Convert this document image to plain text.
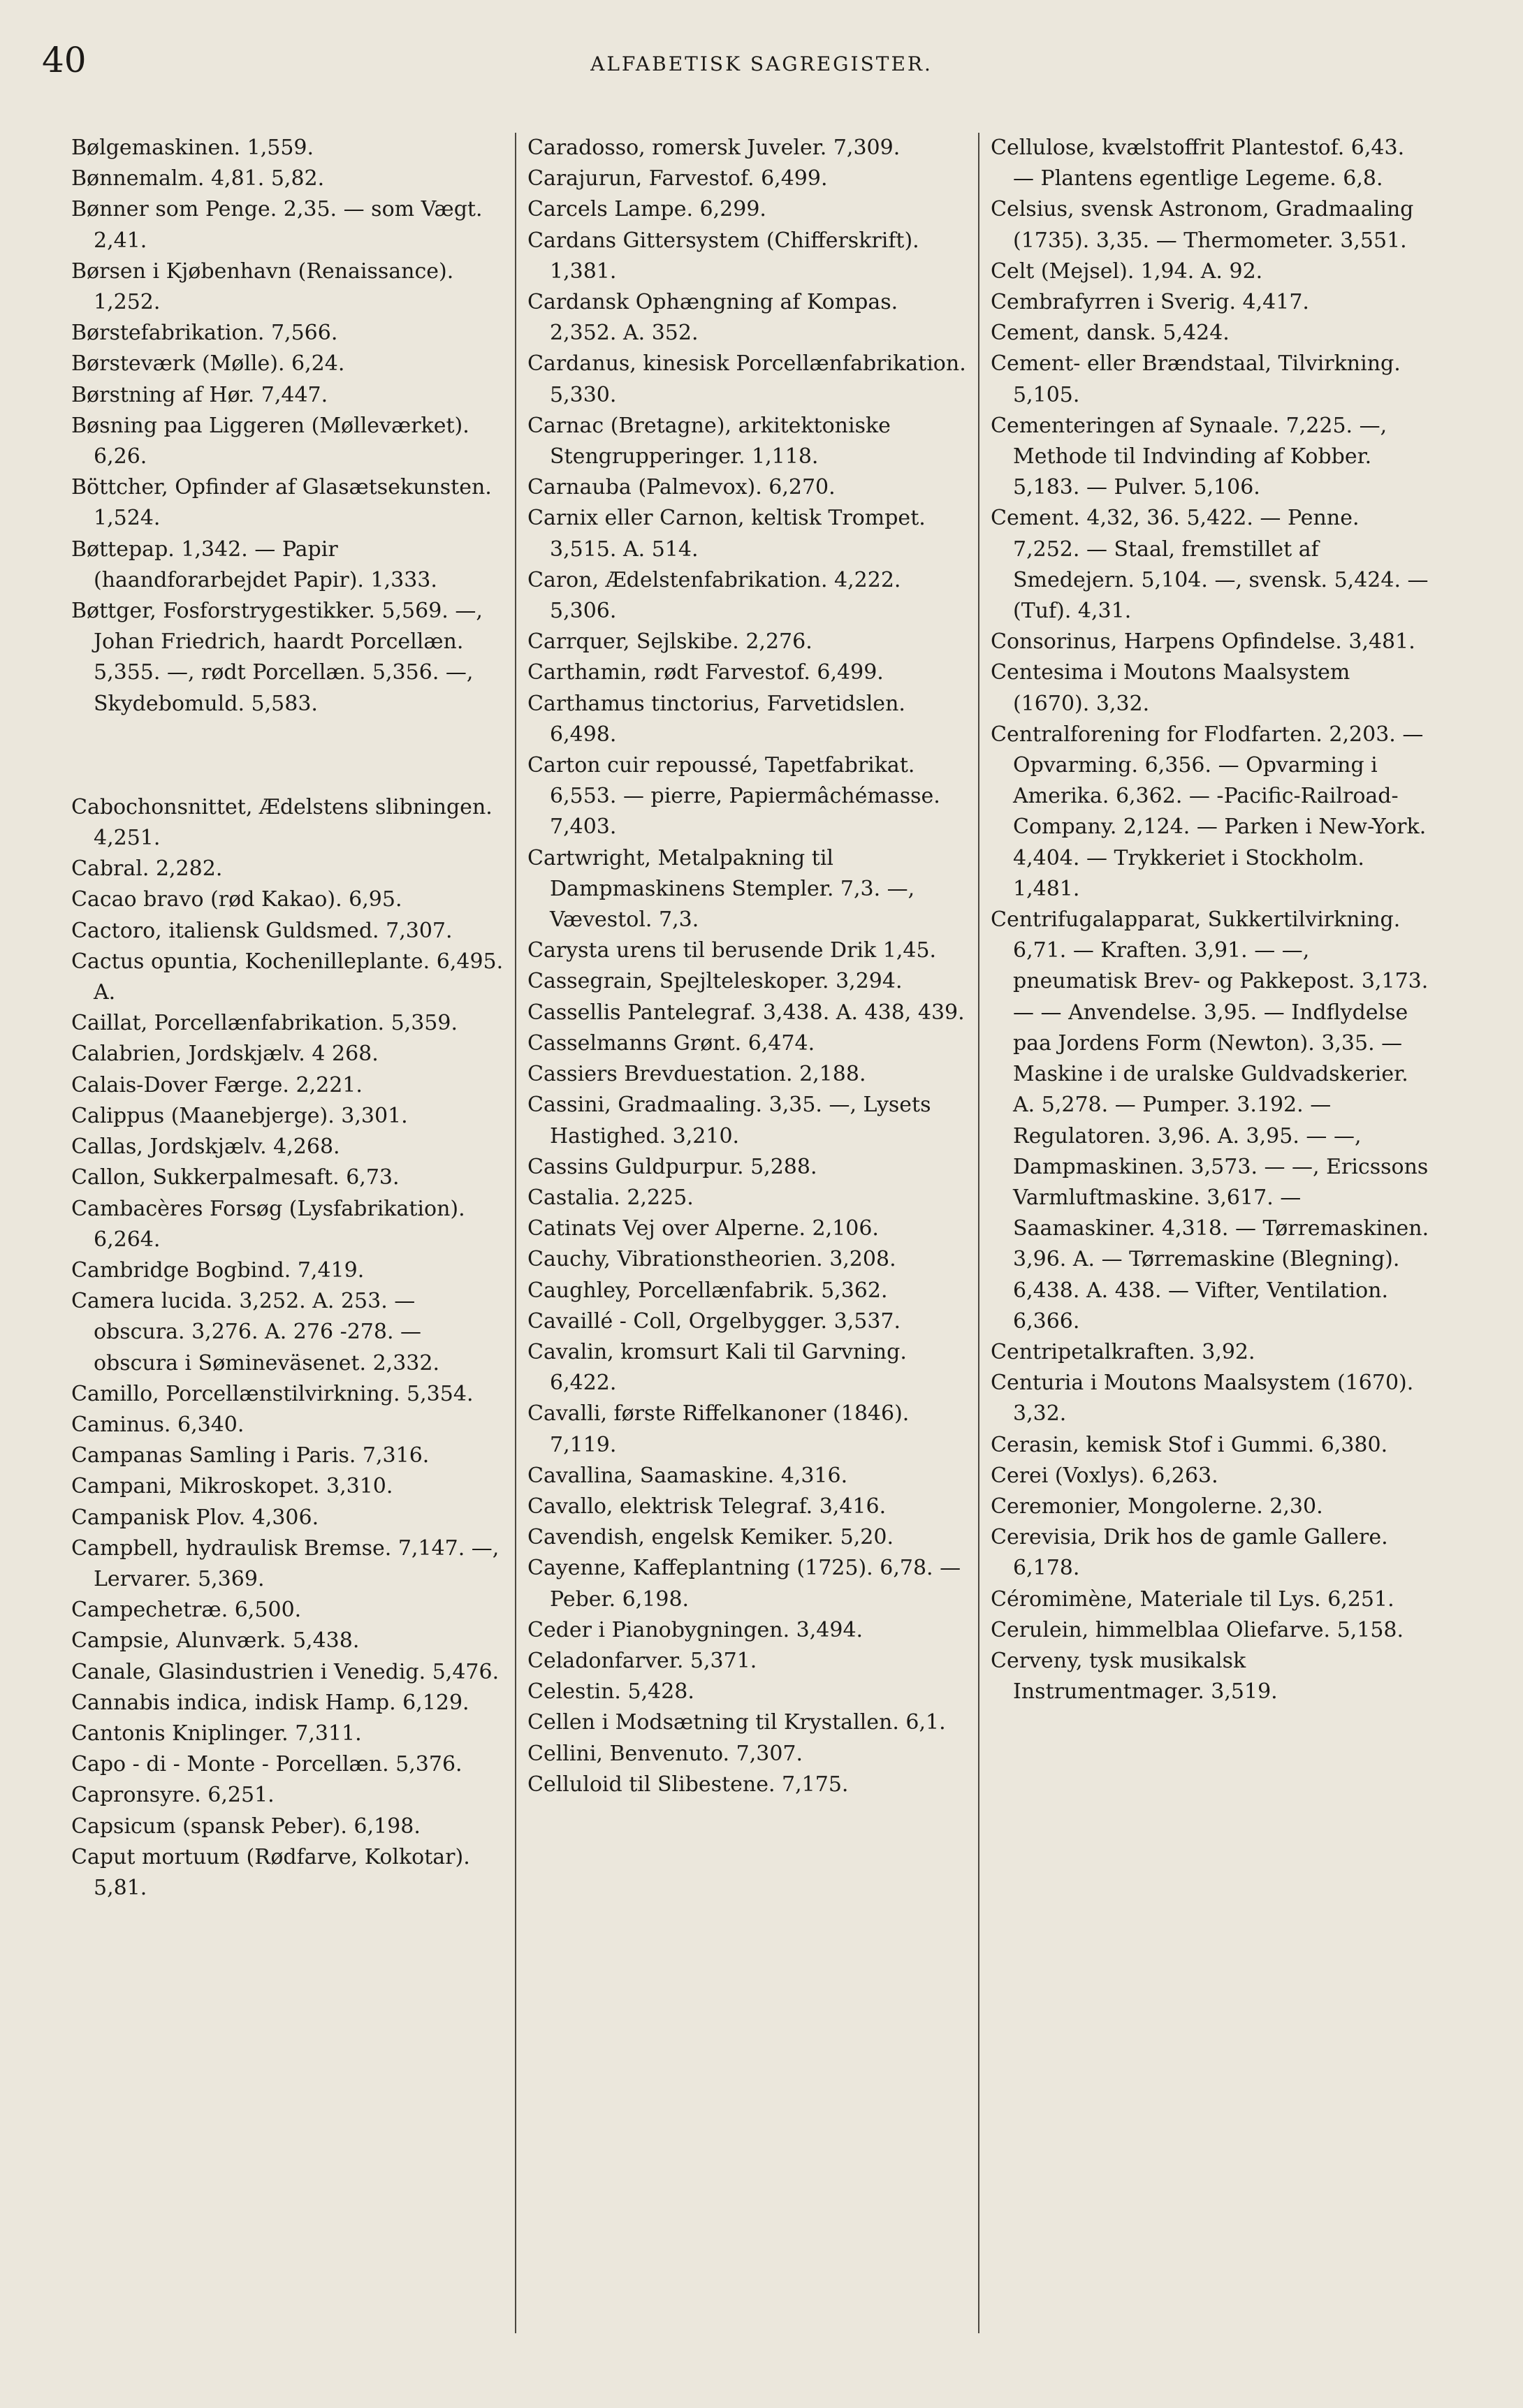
40	ALFABETISK SAGREGISTER.

Bølgemaskinen. 1,559.

Bønnemalm. 4,81. 5,82.

Bønner som Penge. 2,35. — som Vægt. 2,41.

Børsen i Kjøbenhavn (Renaissance). 1,252.

Børstefabrikation. 7,566.

Børsteværk (Mølle). 6,24.

Børstning af Hør. 7,447.

Bøsning paa Liggeren (Mølleværket). 6,26.

Böttcher, Opfinder af Glasætsekunsten. 1,524.

Bøttepap. 1,342. — Papir (haandforarbejdet Papir). 1,333.

Bøttger, Fosforstrygestikker. 5,569. —, Johan Friedrich, haardt Porcellæn. 5,355. —, rødt Porcellæn. 5,356. —, Skydebomuld. 5,583.

Cabochonsnittet, Ædelstens slibningen. 4,251.

Cabral. 2,282.

Cacao bravo (rød Kakao). 6,95.

Cactoro, italiensk Guldsmed. 7,307.

Cactus opuntia, Kochenilleplante. 6,495. A.

Caillat, Porcellænfabrikation. 5,359.

Calabrien, Jordskjælv. 4 268.

Calais-Dover Færge. 2,221.

Calippus (Maanebjerge). 3,301.

Callas, Jordskjælv. 4,268.

Callon, Sukkerpalmesaft. 6,73.

Cambacères Forsøg (Lysfabrikation). 6,264.

Cambridge Bogbind. 7,419.

Camera lucida. 3,252. A. 253. — obscura. 3,276. A. 276 -278. — obscura i Sømineväsenet. 2,332.

Camillo, Porcellænstilvirkning. 5,354.

Caminus. 6,340.

Campanas Samling i Paris. 7,316.

Campani, Mikroskopet. 3,310.

Campanisk Plov. 4,306.

Campbell, hydraulisk Bremse. 7,147. —, Lervarer. 5,369.

Campechetræ. 6,500.

Campsie, Alunværk. 5,438.

Canale, Glasindustrien i Venedig. 5,476.

Cannabis indica, indisk Hamp. 6,129.

Cantonis Kniplinger. 7,311.

Capo - di - Monte - Porcellæn. 5,376.

Capronsyre. 6,251.

Capsicum (spansk Peber). 6,198.

Caput mortuum (Rødfarve, Kolkotar). 5,81.

Caradosso, romersk Juveler. 7,309.

Carajurun, Farvestof. 6,499.

Carcels Lampe. 6,299.

Cardans Gittersystem (Chifferskrift). 1,381.

Cardansk Ophængning af Kompas. 2,352. A. 352.

Cardanus, kinesisk Porcellænfabrikation. 5,330.

Carnac (Bretagne), arkitektoniske Stengrupperinger. 1,118.

Carnauba (Palmevox). 6,270.

Carnix eller Carnon, keltisk Trompet. 3,515. A. 514.

Caron, Ædelstenfabrikation. 4,222. 5,306.

Carrquer, Sejlskibe. 2,276.

Carthamin, rødt Farvestof. 6,499.

Carthamus tinctorius, Farvetidslen. 6,498.

Carton cuir repoussé, Tapetfabrikat. 6,553. — pierre, Papiermâchémasse. 7,403.

Cartwright, Metalpakning til Dampmaskinens Stempler. 7,3. —, Vævestol. 7,3.

Carysta urens til berusende Drik 1,45.

Cassegrain, Spejlteleskoper. 3,294.

Cassellis Pantelegraf. 3,438. A. 438, 439.

Casselmanns Grønt. 6,474.

Cassiers Brevduestation. 2,188.

Cassini, Gradmaaling. 3,35. —, Lysets Hastighed. 3,210.

Cassins Guldpurpur. 5,288.

Castalia. 2,225.

Catinats Vej over Alperne. 2,106.

Cauchy, Vibrationstheorien. 3,208.

Caughley, Porcellænfabrik. 5,362.

Cavaillé - Coll, Orgelbygger. 3,537.

Cavalin, kromsurt Kali til Garvning. 6,422.

Cavalli, første Riffelkanoner (1846). 7,119.

Cavallina, Saamaskine. 4,316.

Cavallo, elektrisk Telegraf. 3,416.

Cavendish, engelsk Kemiker. 5,20.

Cayenne, Kaffeplantning (1725). 6,78. — Peber. 6,198.

Ceder i Pianobygningen. 3,494.

Celadonfarver. 5,371.

Celestin. 5,428.

Cellen i Modsætning til Krystallen. 6,1.

Cellini, Benvenuto. 7,307.

Celluloid til Slibestene. 7,175.

Cellulose, kvælstoffrit Plantestof. 6,43. — Plantens egentlige Legeme. 6,8.

Celsius, svensk Astronom, Gradmaaling (1735). 3,35. — Thermometer. 3,551.

Celt (Mejsel). 1,94. A. 92.

Cembrafyrren i Sverig. 4,417.

Cement, dansk. 5,424.

Cement- eller Brændstaal, Tilvirkning. 5,105.

Cementeringen af Synaale. 7,225. —, Methode til Indvinding af Kobber. 5,183. — Pulver. 5,106.

Cement. 4,32, 36. 5,422. — Penne. 7,252. — Staal, fremstillet af Smedejern. 5,104. —, svensk. 5,424. — (Tuf). 4,31.

Consorinus, Harpens Opfindelse. 3,481.

Centesima i Moutons Maalsystem (1670). 3,32.

Centralforening for Flodfarten. 2,203. — Opvarming. 6,356. — Opvarming i Amerika. 6,362. — -Pacific-Railroad-Company. 2,124. — Parken i New-York. 4,404. — Trykkeriet i Stockholm. 1,481.

Centrifugalapparat, Sukkertilvirkning. 6,71. — Kraften. 3,91. — —, pneumatisk Brev- og Pakkepost. 3,173. — — Anvendelse. 3,95. — Indflydelse paa Jordens Form (Newton). 3,35. — Maskine i de uralske Guldvadskerier. A. 5,278. — Pumper. 3.192. — Regulatoren. 3,96. A. 3,95. — —, Dampmaskinen. 3,573. — —, Ericssons Varmluftmaskine. 3,617. — Saamaskiner. 4,318. — Tørremaskinen. 3,96. A. — Tørremaskine (Blegning). 6,438. A. 438. — Vifter, Ventilation. 6,366.

Centripetalkraften. 3,92.

Centuria i Moutons Maalsystem (1670). 3,32.

Cerasin, kemisk Stof i Gummi. 6,380.

Cerei (Voxlys). 6,263.

Ceremonier, Mongolerne. 2,30.

Cerevisia, Drik hos de gamle Gallere. 6,178.

Céromimène, Materiale til Lys. 6,251.

Cerulein, himmelblaa Oliefarve. 5,158.

Cerveny, tysk musikalsk Instrumentmager. 3,519.
